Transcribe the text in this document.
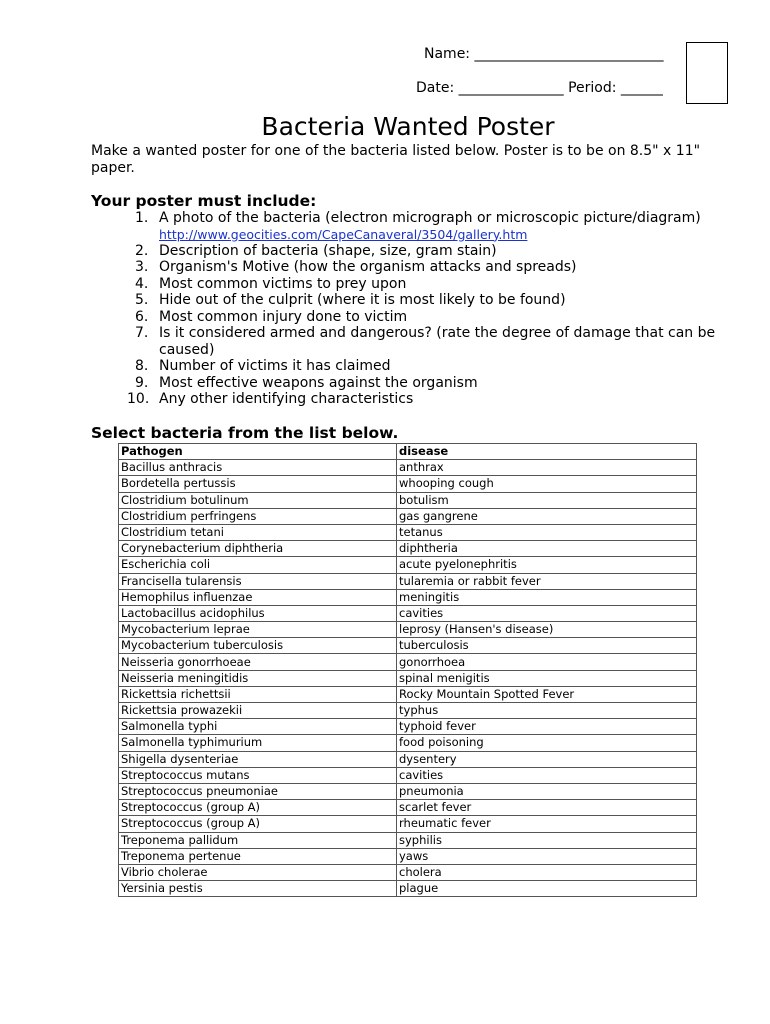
Name: ___________________________
Date: _______________ Period: ______
Bacteria Wanted Poster
Make a wanted poster for one of the bacteria listed below. Poster is to be on 8.5" x 11" paper.
Your poster must include:
1. A photo of the bacteria (electron micrograph or microscopic picture/diagram)
http://www.geocities.com/CapeCanaveral/3504/gallery.htm
2. Description of bacteria (shape, size, gram stain)
3. Organism's Motive (how the organism attacks and spreads)
4. Most common victims to prey upon
5. Hide out of the culprit (where it is most likely to be found)
6. Most common injury done to victim
7. Is it considered armed and dangerous? (rate the degree of damage that can be caused)
8. Number of victims it has claimed
9. Most effective weapons against the organism
10. Any other identifying characteristics
Select bacteria from the list below.
Pathogen	disease
Bacillus anthracis	anthrax
Bordetella pertussis	whooping cough
Clostridium botulinum	botulism
Clostridium perfringens	gas gangrene
Clostridium tetani	tetanus
Corynebacterium diphtheria	diphtheria
Escherichia coli	acute pyelonephritis
Francisella tularensis	tularemia or rabbit fever
Hemophilus influenzae	meningitis
Lactobacillus acidophilus	cavities
Mycobacterium leprae	leprosy (Hansen's disease)
Mycobacterium tuberculosis	tuberculosis
Neisseria gonorrhoeae	gonorrhoea
Neisseria meningitidis	spinal menigitis
Rickettsia richettsii	Rocky Mountain Spotted Fever
Rickettsia prowazekii	typhus
Salmonella typhi	typhoid fever
Salmonella typhimurium	food poisoning
Shigella dysenteriae	dysentery
Streptococcus mutans	cavities
Streptococcus pneumoniae	pneumonia
Streptococcus (group A)	scarlet fever
Streptococcus (group A)	rheumatic fever
Treponema pallidum	syphilis
Treponema pertenue	yaws
Vibrio cholerae	cholera
Yersinia pestis	plague
